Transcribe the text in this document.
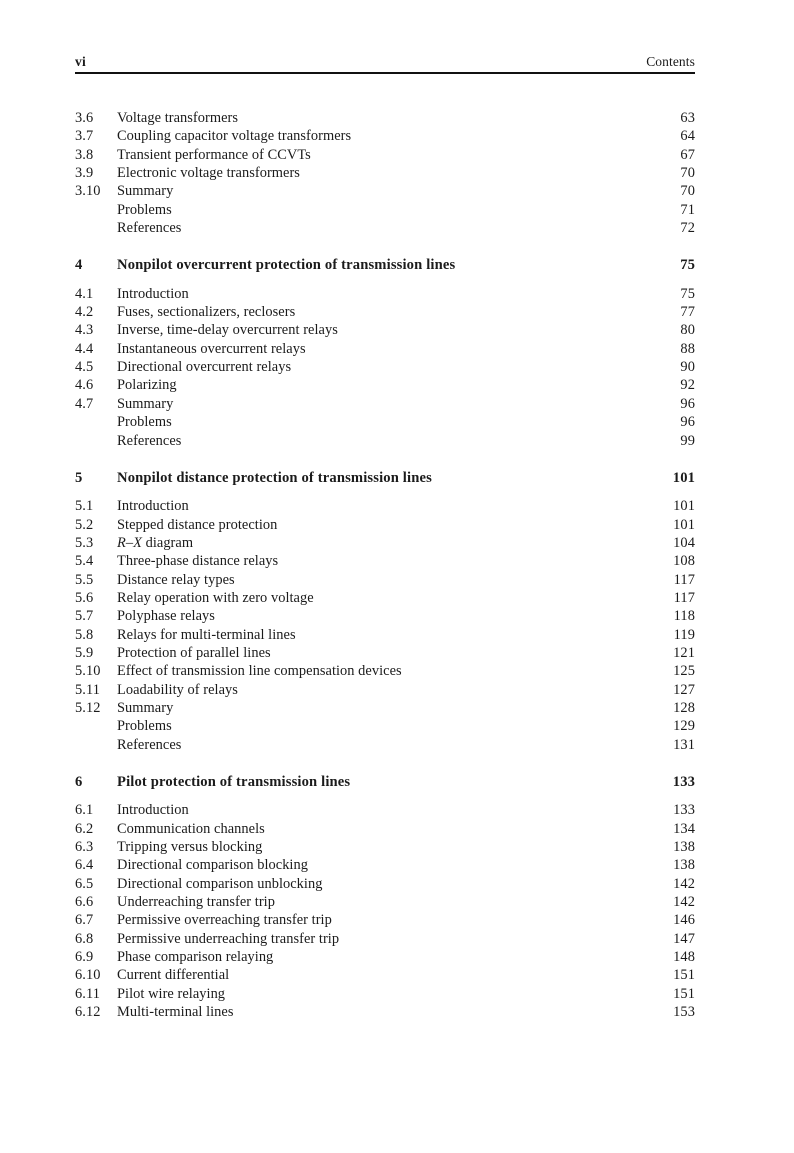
vi	Contents
3.6	Voltage transformers	63
3.7	Coupling capacitor voltage transformers	64
3.8	Transient performance of CCVTs	67
3.9	Electronic voltage transformers	70
3.10	Summary	70
Problems	71
References	72
4	Nonpilot overcurrent protection of transmission lines	75
4.1	Introduction	75
4.2	Fuses, sectionalizers, reclosers	77
4.3	Inverse, time-delay overcurrent relays	80
4.4	Instantaneous overcurrent relays	88
4.5	Directional overcurrent relays	90
4.6	Polarizing	92
4.7	Summary	96
Problems	96
References	99
5	Nonpilot distance protection of transmission lines	101
5.1	Introduction	101
5.2	Stepped distance protection	101
5.3	R–X diagram	104
5.4	Three-phase distance relays	108
5.5	Distance relay types	117
5.6	Relay operation with zero voltage	117
5.7	Polyphase relays	118
5.8	Relays for multi-terminal lines	119
5.9	Protection of parallel lines	121
5.10	Effect of transmission line compensation devices	125
5.11	Loadability of relays	127
5.12	Summary	128
Problems	129
References	131
6	Pilot protection of transmission lines	133
6.1	Introduction	133
6.2	Communication channels	134
6.3	Tripping versus blocking	138
6.4	Directional comparison blocking	138
6.5	Directional comparison unblocking	142
6.6	Underreaching transfer trip	142
6.7	Permissive overreaching transfer trip	146
6.8	Permissive underreaching transfer trip	147
6.9	Phase comparison relaying	148
6.10	Current differential	151
6.11	Pilot wire relaying	151
6.12	Multi-terminal lines	153
